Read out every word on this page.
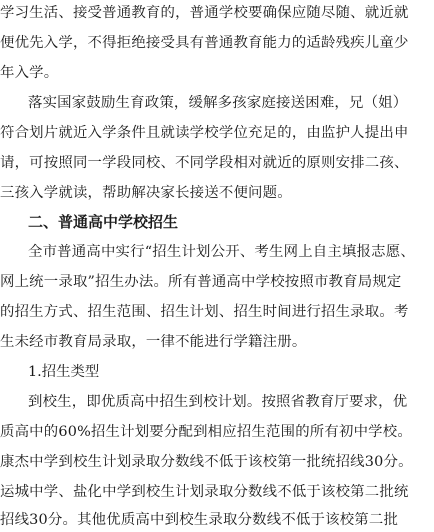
学习生活、接受普通教育的，普通学校要确保应随尽随、就近就
便优先入学，不得拒绝接受具有普通教育能力的适龄残疾儿童少
年入学。
落实国家鼓励生育政策，缓解多孩家庭接送困难，兄（姐）
符合划片就近入学条件且就读学校学位充足的，由监护人提出申
请，可按照同一学段同校、不同学段相对就近的原则安排二孩、
三孩入学就读，帮助解决家长接送不便问题。
二、普通高中学校招生
全市普通高中实行“招生计划公开、考生网上自主填报志愿、
网上统一录取”招生办法。所有普通高中学校按照市教育局规定
的招生方式、招生范围、招生计划、招生时间进行招生录取。考
生未经市教育局录取，一律不能进行学籍注册。
1.招生类型
到校生，即优质高中招生到校计划。按照省教育厅要求，优
质高中的60%招生计划要分配到相应招生范围的所有初中学校。
康杰中学到校生计划录取分数线不低于该校第一批统招线30分。
运城中学、盐化中学到校生计划录取分数线不低于该校第二批统
招线30分。其他优质高中到校生录取分数线不低于该校第二批
